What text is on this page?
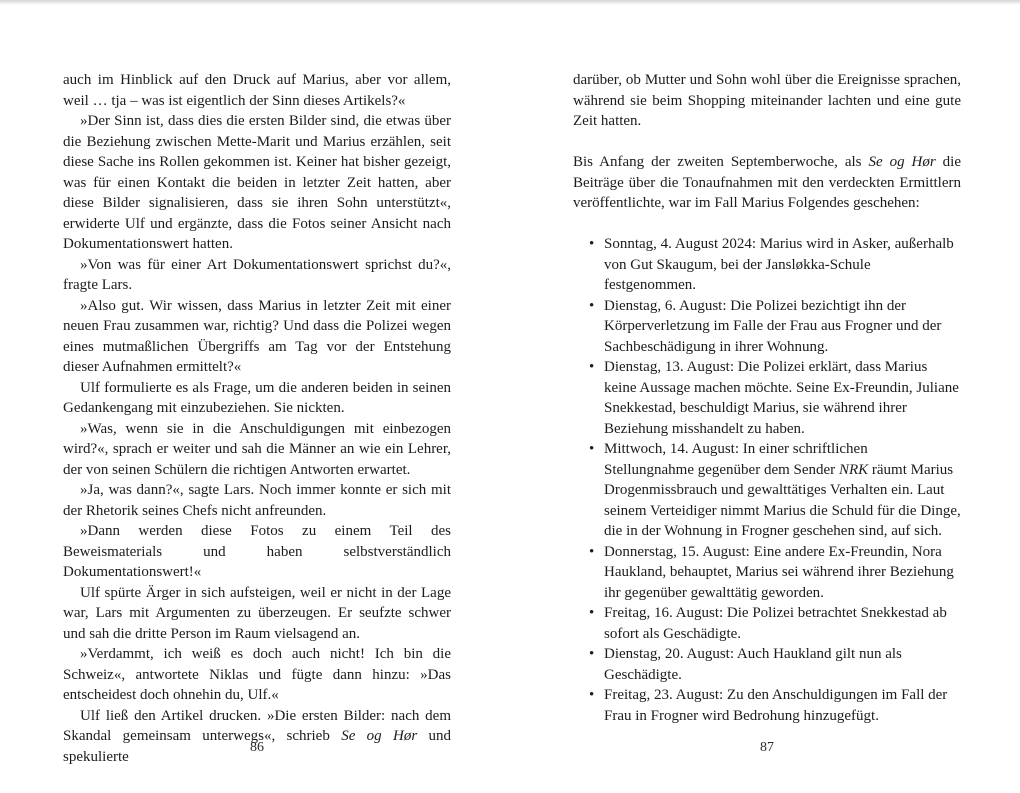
auch im Hinblick auf den Druck auf Marius, aber vor allem, weil … tja – was ist eigentlich der Sinn dieses Artikels?«

»Der Sinn ist, dass dies die ersten Bilder sind, die etwas über die Beziehung zwischen Mette-Marit und Marius erzählen, seit diese Sache ins Rollen gekommen ist. Keiner hat bisher gezeigt, was für einen Kontakt die beiden in letzter Zeit hatten, aber diese Bilder signalisieren, dass sie ihren Sohn unterstützt«, erwiderte Ulf und ergänzte, dass die Fotos seiner Ansicht nach Dokumentationswert hatten.

»Von was für einer Art Dokumentationswert sprichst du?«, fragte Lars.

»Also gut. Wir wissen, dass Marius in letzter Zeit mit einer neuen Frau zusammen war, richtig? Und dass die Polizei wegen eines mutmaßlichen Übergriffs am Tag vor der Entstehung dieser Aufnahmen ermittelt?«

Ulf formulierte es als Frage, um die anderen beiden in seinen Gedankengang mit einzubeziehen. Sie nickten.

»Was, wenn sie in die Anschuldigungen mit einbezogen wird?«, sprach er weiter und sah die Männer an wie ein Lehrer, der von seinen Schülern die richtigen Antworten erwartet.

»Ja, was dann?«, sagte Lars. Noch immer konnte er sich mit der Rhetorik seines Chefs nicht anfreunden.

»Dann werden diese Fotos zu einem Teil des Beweismaterials und haben selbstverständlich Dokumentationswert!«

Ulf spürte Ärger in sich aufsteigen, weil er nicht in der Lage war, Lars mit Argumenten zu überzeugen. Er seufzte schwer und sah die dritte Person im Raum vielsagend an.

»Verdammt, ich weiß es doch auch nicht! Ich bin die Schweiz«, antwortete Niklas und fügte dann hinzu: »Das entscheidest doch ohnehin du, Ulf.«

Ulf ließ den Artikel drucken. »Die ersten Bilder: nach dem Skandal gemeinsam unterwegs«, schrieb Se og Hør und spekulierte

86

darüber, ob Mutter und Sohn wohl über die Ereignisse sprachen, während sie beim Shopping miteinander lachten und eine gute Zeit hatten.

Bis Anfang der zweiten Septemberwoche, als Se og Hør die Beiträge über die Tonaufnahmen mit den verdeckten Ermittlern veröffentlichte, war im Fall Marius Folgendes geschehen:

• Sonntag, 4. August 2024: Marius wird in Asker, außerhalb von Gut Skaugum, bei der Jansløkka-Schule festgenommen.
• Dienstag, 6. August: Die Polizei bezichtigt ihn der Körperverletzung im Falle der Frau aus Frogner und der Sachbeschädigung in ihrer Wohnung.
• Dienstag, 13. August: Die Polizei erklärt, dass Marius keine Aussage machen möchte. Seine Ex-Freundin, Juliane Snekkestad, beschuldigt Marius, sie während ihrer Beziehung misshandelt zu haben.
• Mittwoch, 14. August: In einer schriftlichen Stellungnahme gegenüber dem Sender NRK räumt Marius Drogenmissbrauch und gewalttätiges Verhalten ein. Laut seinem Verteidiger nimmt Marius die Schuld für die Dinge, die in der Wohnung in Frogner geschehen sind, auf sich.
• Donnerstag, 15. August: Eine andere Ex-Freundin, Nora Haukland, behauptet, Marius sei während ihrer Beziehung ihr gegenüber gewalttätig geworden.
• Freitag, 16. August: Die Polizei betrachtet Snekkestad ab sofort als Geschädigte.
• Dienstag, 20. August: Auch Haukland gilt nun als Geschädigte.
• Freitag, 23. August: Zu den Anschuldigungen im Fall der Frau in Frogner wird Bedrohung hinzugefügt.
87
